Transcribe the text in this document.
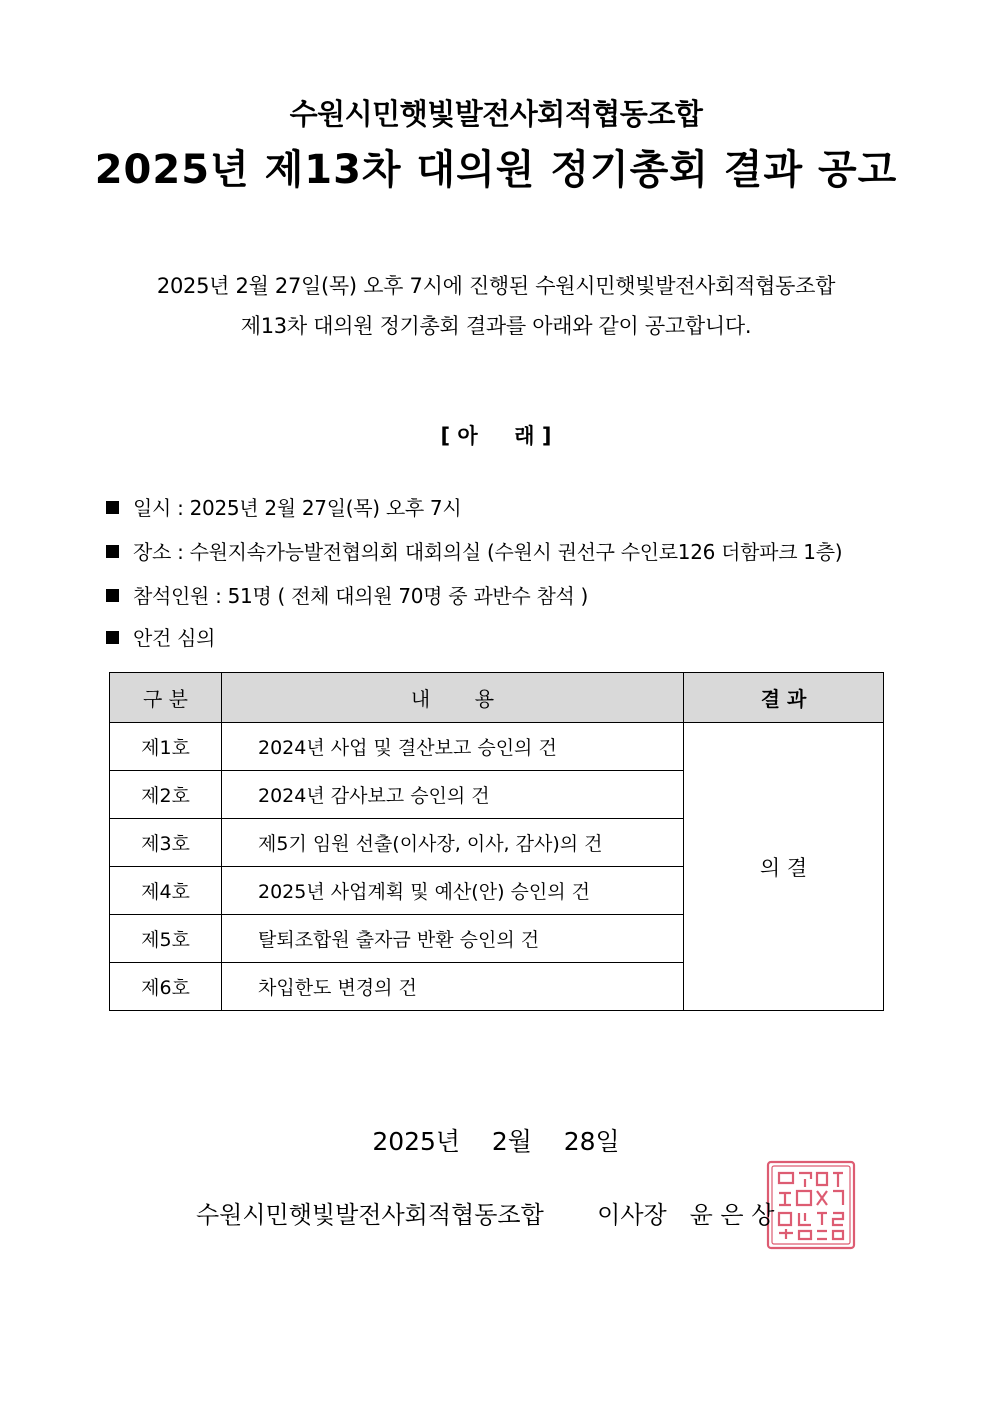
수원시민햇빛발전사회적협동조합
2025년 제13차 대의원 정기총회 결과 공고
2025년 2월 27일(목) 오후 7시에 진행된 수원시민햇빛발전사회적협동조합
제13차 대의원 정기총회 결과를 아래와 같이 공고합니다.
[ 아     래 ]
일시 : 2025년 2월 27일(목) 오후 7시
장소 : 수원지속가능발전협의회 대회의실 (수원시 권선구 수인로126 더함파크 1층)
참석인원 : 51명 ( 전체 대의원 70명 중 과반수 참석 )
안건 심의
구 분	내       용	결 과
제1호	2024년 사업 및 결산보고 승인의 건	의 결
제2호	2024년 감사보고 승인의 건	
제3호	제5기 임원 선출(이사장, 이사, 감사)의 건	
제4호	2025년 사업계획 및 예산(안) 승인의 건	
제5호	탈퇴조합원 출자금 반환 승인의 건	
제6호	차입한도 변경의 건	
2025년    2월    28일
수원시민햇빛발전사회적협동조합 이사장   윤 은 상
